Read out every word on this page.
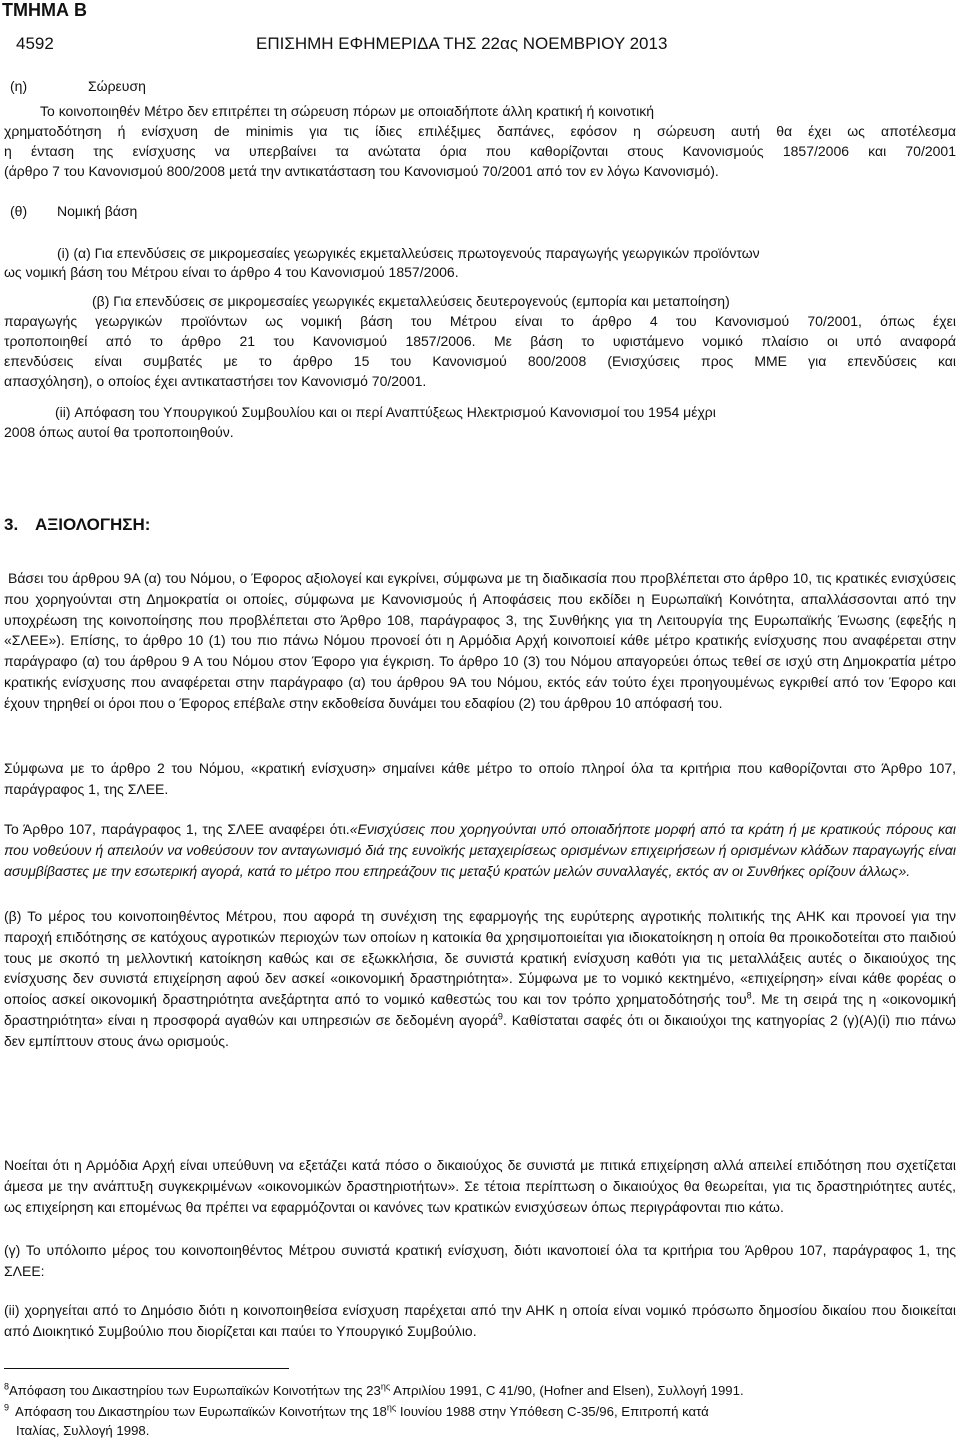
ΤΜΗΜΑ Β
4592	ΕΠΙΣΗΜΗ ΕΦΗΜΕΡΙΔΑ ΤΗΣ 22ας ΝΟΕΜΒΡΙΟΥ 2013
(η)	Σώρευση
Το κοινοποιηθέν Μέτρο δεν επιτρέπει τη σώρευση πόρων με οποιαδήποτε άλλη κρατική ή κοινοτική
χρηματοδότηση ή ενίσχυση de minimis για τις ίδιες επιλέξιμες δαπάνες, εφόσον η σώρευση αυτή θα έχει ως αποτέλεσμα
η ένταση της ενίσχυσης να υπερβαίνει τα ανώτατα όρια που καθορίζονται στους Κανονισμούς 1857/2006 και 70/2001
(άρθρο 7 του Κανονισμού 800/2008 μετά την αντικατάσταση του Κανονισμού 70/2001 από τον εν λόγω Κανονισμό).
(θ) Νομική βάση
(i) (α) Για επενδύσεις σε μικρομεσαίες γεωργικές εκμεταλλεύσεις πρωτογενούς παραγωγής γεωργικών προϊόντων
ως νομική βάση του Μέτρου είναι το άρθρο 4 του Κανονισμού 1857/2006.
(β) Για επενδύσεις σε μικρομεσαίες γεωργικές εκμεταλλεύσεις δευτερογενούς (εμπορία και μεταποίηση)
παραγωγής γεωργικών προϊόντων ως νομική βάση του Μέτρου είναι το άρθρο 4 του Κανονισμού 70/2001, όπως έχει
τροποποιηθεί από το άρθρο 21 του Κανονισμού 1857/2006. Με βάση το υφιστάμενο νομικό πλαίσιο οι υπό αναφορά
επενδύσεις είναι συμβατές με το άρθρο 15 του Κανονισμού 800/2008 (Ενισχύσεις προς ΜΜΕ για επενδύσεις και
απασχόληση), ο οποίος έχει αντικαταστήσει τον Κανονισμό 70/2001.
(ii) Απόφαση του Υπουργικού Συμβουλίου και οι περί Αναπτύξεως Ηλεκτρισμού Κανονισμοί του 1954 μέχρι
2008 όπως αυτοί θα τροποποιηθούν.
3. ΑΞΙΟΛΟΓΗΣΗ:
Βάσει του άρθρου 9Α (α) του Νόμου, ο Έφορος αξιολογεί και εγκρίνει, σύμφωνα με τη διαδικασία που προβλέπεται στο άρθρο 10, τις κρατικές ενισχύσεις που χορηγούνται στη Δημοκρατία οι οποίες, σύμφωνα με Κανονισμούς ή Αποφάσεις που εκδίδει η Ευρωπαϊκή Κοινότητα, απαλλάσσονται από την υποχρέωση της κοινοποίησης που προβλέπεται στο Άρθρο 108, παράγραφος 3, της Συνθήκης για τη Λειτουργία της Ευρωπαϊκής Ένωσης (εφεξής η «ΣΛΕΕ»). Επίσης, το άρθρο 10 (1) του πιο πάνω Νόμου προνοεί ότι η Αρμόδια Αρχή κοινοποιεί κάθε μέτρο κρατικής ενίσχυσης που αναφέρεται στην παράγραφο (α) του άρθρου 9 Α του Νόμου στον Έφορο για έγκριση. Το άρθρο 10 (3) του Νόμου απαγορεύει όπως τεθεί σε ισχύ στη Δημοκρατία μέτρο κρατικής ενίσχυσης που αναφέρεται στην παράγραφο (α) του άρθρου 9Α του Νόμου, εκτός εάν τούτο έχει προηγουμένως εγκριθεί από τον Έφορο και έχουν τηρηθεί οι όροι που ο Έφορος επέβαλε στην εκδοθείσα δυνάμει του εδαφίου (2) του άρθρου 10 απόφασή του.
Σύμφωνα με το άρθρο 2 του Νόμου, «κρατική ενίσχυση» σημαίνει κάθε μέτρο το οποίο πληροί όλα τα κριτήρια που καθορίζονται στο Άρθρο 107, παράγραφος 1, της ΣΛΕΕ.
Το Άρθρο 107, παράγραφος 1, της ΣΛΕΕ αναφέρει ότι.«Ενισχύσεις που χορηγούνται υπό οποιαδήποτε μορφή από τα κράτη ή με κρατικούς πόρους και που νοθεύουν ή απειλούν να νοθεύσουν τον ανταγωνισμό διά της ευνοϊκής μεταχειρίσεως ορισμένων επιχειρήσεων ή ορισμένων κλάδων παραγωγής είναι ασυμβίβαστες με την εσωτερική αγορά, κατά το μέτρο που επηρεάζουν τις μεταξύ κρατών μελών συναλλαγές, εκτός αν οι Συνθήκες ορίζουν άλλως».
(β) Το μέρος του κοινοποιηθέντος Μέτρου, που αφορά τη συνέχιση της εφαρμογής της ευρύτερης αγροτικής πολιτικής της ΑΗΚ και προνοεί για την παροχή επιδότησης σε κατόχους αγροτικών περιοχών των οποίων η κατοικία θα χρησιμοποιείται για ιδιοκατοίκηση η οποία θα προικοδοτείται στο παιδιού τους με σκοπό τη μελλοντική κατοίκηση καθώς και σε εξωκκλήσια, δε συνιστά κρατική ενίσχυση καθότι για τις μεταλλάξεις αυτές ο δικαιούχος της ενίσχυσης δεν συνιστά επιχείρηση αφού δεν ασκεί «οικονομική δραστηριότητα». Σύμφωνα με το νομικό κεκτημένο, «επιχείρηση» είναι κάθε φορέας ο οποίος ασκεί οικονομική δραστηριότητα ανεξάρτητα από το νομικό καθεστώς του και τον τρόπο χρηματοδότησής του$^8$. Με τη σειρά της η «οικονομική δραστηριότητα» είναι η προσφορά αγαθών και υπηρεσιών σε δεδομένη αγορά$^9$. Καθίσταται σαφές ότι οι δικαιούχοι της κατηγορίας 2 (γ)(Α)(i) πιο πάνω δεν εμπίπτουν στους άνω ορισμούς.
Νοείται ότι η Αρμόδια Αρχή είναι υπεύθυνη να εξετάζει κατά πόσο ο δικαιούχος δε συνιστά με πιτικά επιχείρηση αλλά απειλεί επιδότηση που σχετίζεται άμεσα με την ανάπτυξη συγκεκριμένων «οικονομικών δραστηριοτήτων». Σε τέτοια περίπτωση ο δικαιούχος θα θεωρείται, για τις δραστηριότητες αυτές, ως επιχείρηση και επομένως θα πρέπει να εφαρμόζονται οι κανόνες των κρατικών ενισχύσεων όπως περιγράφονται πιο κάτω.
(γ) Το υπόλοιπο μέρος του κοινοποιηθέντος Μέτρου συνιστά κρατική ενίσχυση, διότι ικανοποιεί όλα τα κριτήρια του Άρθρου 107, παράγραφος 1, της ΣΛΕΕ:
(ii) χορηγείται από το Δημόσιο διότι η κοινοποιηθείσα ενίσχυση παρέχεται από την ΑΗΚ η οποία είναι νομικό πρόσωπο δημοσίου δικαίου που διοικείται από Διοικητικό Συμβούλιο που διορίζεται και παύει το Υπουργικό Συμβούλιο.
$^8$Απόφαση του Δικαστηρίου των Ευρωπαϊκών Κοινοτήτων της $23^{\eta\varsigma}$ Απριλίου 1991, C 41/90, (Hofner and Elsen), Συλλογή 1991.
$^9$ Απόφαση του Δικαστηρίου των Ευρωπαϊκών Κοινοτήτων της $18^{\eta\varsigma}$ Ιουνίου 1988 στην Υπόθεση C-35/96, Επιτροπή κατά
Ιταλίας, Συλλογή 1998.
